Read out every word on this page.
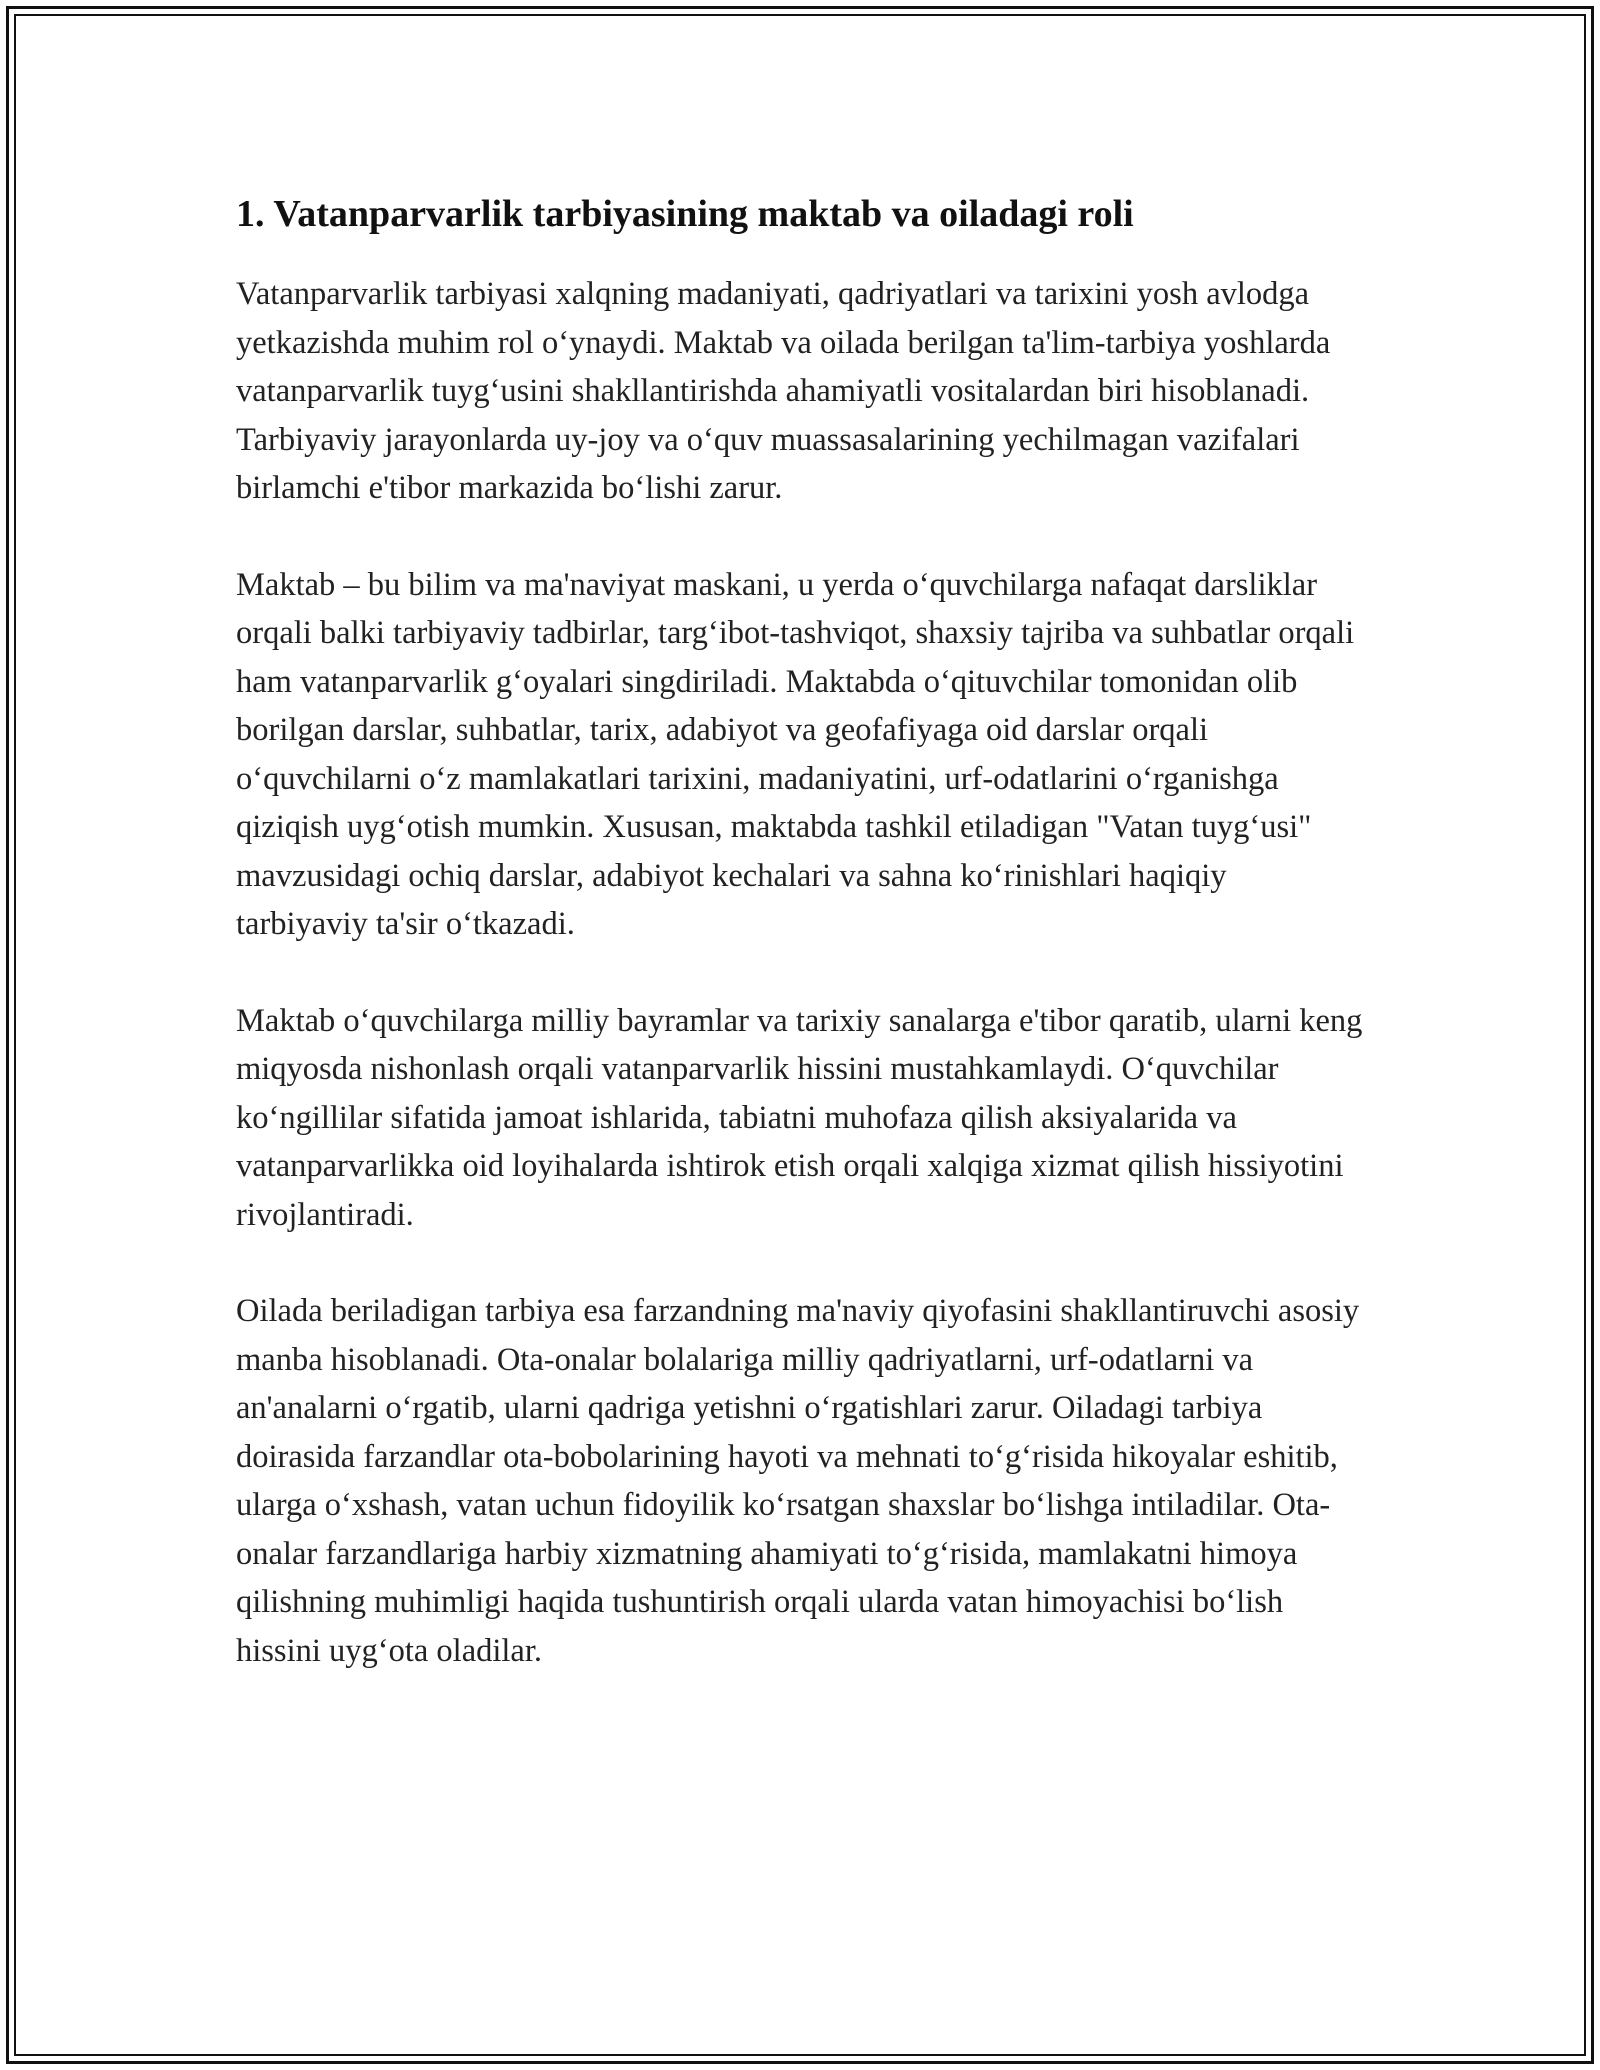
1. Vatanparvarlik tarbiyasining maktab va oiladagi roli

Vatanparvarlik tarbiyasi xalqning madaniyati, qadriyatlari va tarixini yosh avlodga yetkazishda muhim rol o‘ynaydi. Maktab va oilada berilgan ta'lim-tarbiya yoshlarda vatanparvarlik tuyg‘usini shakllantirishda ahamiyatli vositalardan biri hisoblanadi. Tarbiyaviy jarayonlarda uy-joy va o‘quv muassasalarining yechilmagan vazifalari birlamchi e'tibor markazida bo‘lishi zarur.

Maktab – bu bilim va ma'naviyat maskani, u yerda o‘quvchilarga nafaqat darsliklar orqali balki tarbiyaviy tadbirlar, targ‘ibot-tashviqot, shaxsiy tajriba va suhbatlar orqali ham vatanparvarlik g‘oyalari singdiriladi. Maktabda o‘qituvchilar tomonidan olib borilgan darslar, suhbatlar, tarix, adabiyot va geofafiyaga oid darslar orqali o‘quvchilarni o‘z mamlakatlari tarixini, madaniyatini, urf-odatlarini o‘rganishga qiziqish uyg‘otish mumkin. Xususan, maktabda tashkil etiladigan "Vatan tuyg‘usi" mavzusidagi ochiq darslar, adabiyot kechalari va sahna ko‘rinishlari haqiqiy tarbiyaviy ta'sir o‘tkazadi.

Maktab o‘quvchilarga milliy bayramlar va tarixiy sanalarga e'tibor qaratib, ularni keng miqyosda nishonlash orqali vatanparvarlik hissini mustahkamlaydi. O‘quvchilar ko‘ngillilar sifatida jamoat ishlarida, tabiatni muhofaza qilish aksiyalarida va vatanparvarlikka oid loyihalarda ishtirok etish orqali xalqiga xizmat qilish hissiyotini rivojlantiradi.

Oilada beriladigan tarbiya esa farzandning ma'naviy qiyofasini shakllantiruvchi asosiy manba hisoblanadi. Ota-onalar bolalariga milliy qadriyatlarni, urf-odatlarni va an'analarni o‘rgatib, ularni qadriga yetishni o‘rgatishlari zarur. Oiladagi tarbiya doirasida farzandlar ota-bobolarining hayoti va mehnati to‘g‘risida hikoyalar eshitib, ularga o‘xshash, vatan uchun fidoyilik ko‘rsatgan shaxslar bo‘lishga intiladilar. Ota-onalar farzandlariga harbiy xizmatning ahamiyati to‘g‘risida, mamlakatni himoya qilishning muhimligi haqida tushuntirish orqali ularda vatan himoyachisi bo‘lish hissini uyg‘ota oladilar.
